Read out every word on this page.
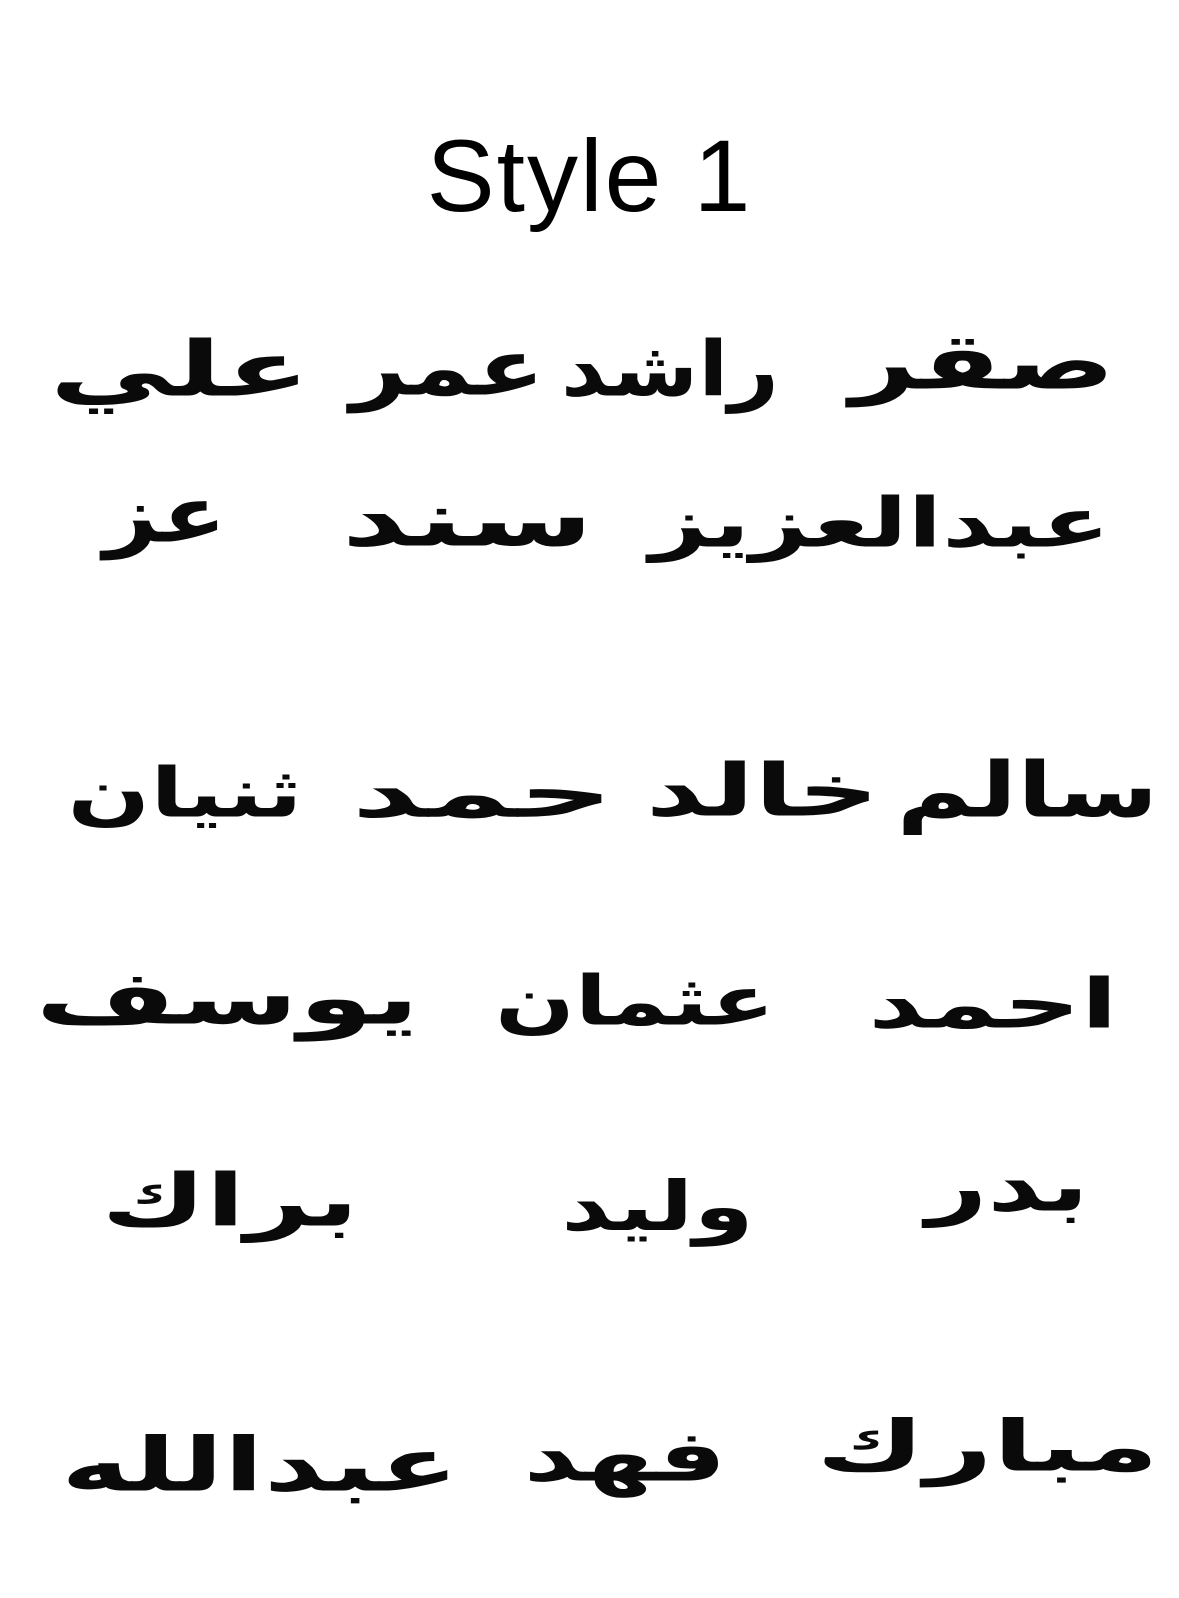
Style 1
علي عمر راشد صقر
عز	سند عبدالعزيز
ثنيان حمد خالد سالم
يوسف	عثمان	احمد
براك	وليد	بدر
عبدالله فهد	مبارك
